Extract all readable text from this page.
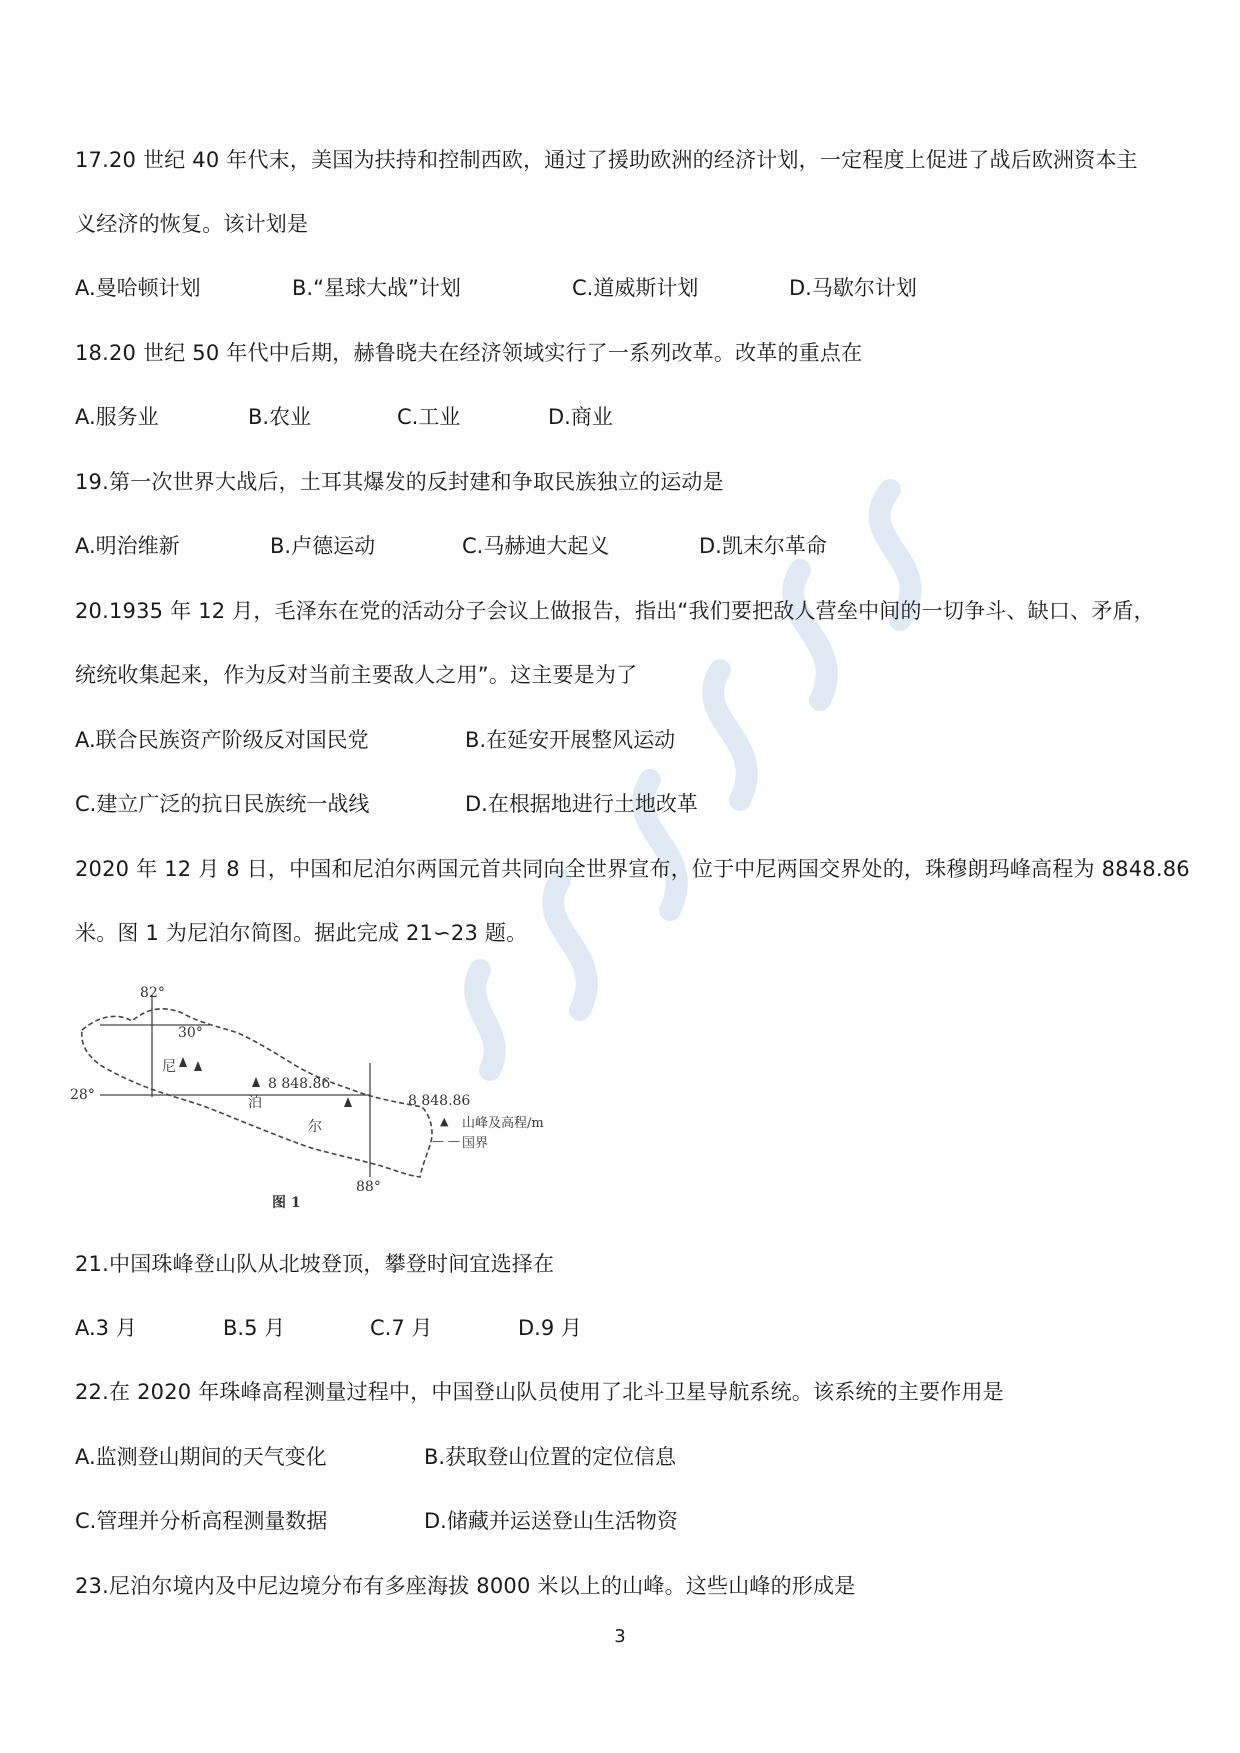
17.20 世纪 40 年代末，美国为扶持和控制西欧，通过了援助欧洲的经济计划，一定程度上促进了战后欧洲资本主
义经济的恢复。该计划是
A.曼哈顿计划	B.“星球大战”计划	C.道威斯计划	D.马歇尔计划
18.20 世纪 50 年代中后期，赫鲁晓夫在经济领域实行了一系列改革。改革的重点在
A.服务业	B.农业	C.工业	D.商业
19.第一次世界大战后，土耳其爆发的反封建和争取民族独立的运动是
A.明治维新	B.卢德运动	C.马赫迪大起义	D.凯末尔革命
20.1935 年 12 月，毛泽东在党的活动分子会议上做报告，指出“我们要把敌人营垒中间的一切争斗、缺口、矛盾，
统统收集起来，作为反对当前主要敌人之用”。这主要是为了
A.联合民族资产阶级反对国民党	B.在延安开展整风运动
C.建立广泛的抗日民族统一战线	D.在根据地进行土地改革
2020 年 12 月 8 日，中国和尼泊尔两国元首共同向全世界宣布，位于中尼两国交界处的，珠穆朗玛峰高程为 8848.86
米。图 1 为尼泊尔简图。据此完成 21∽23 题。
82°
30°
28°
88°
尼
泊
尔
8 848.86
8 848.86
▲ 山峰及高程/m
— — 国界
图 1
21.中国珠峰登山队从北坡登顶，攀登时间宜选择在
A.3 月	B.5 月	C.7 月	D.9 月
22.在 2020 年珠峰高程测量过程中，中国登山队员使用了北斗卫星导航系统。该系统的主要作用是
A.监测登山期间的天气变化	B.获取登山位置的定位信息
C.管理并分析高程测量数据	D.储藏并运送登山生活物资
23.尼泊尔境内及中尼边境分布有多座海拔 8000 米以上的山峰。这些山峰的形成是
3
